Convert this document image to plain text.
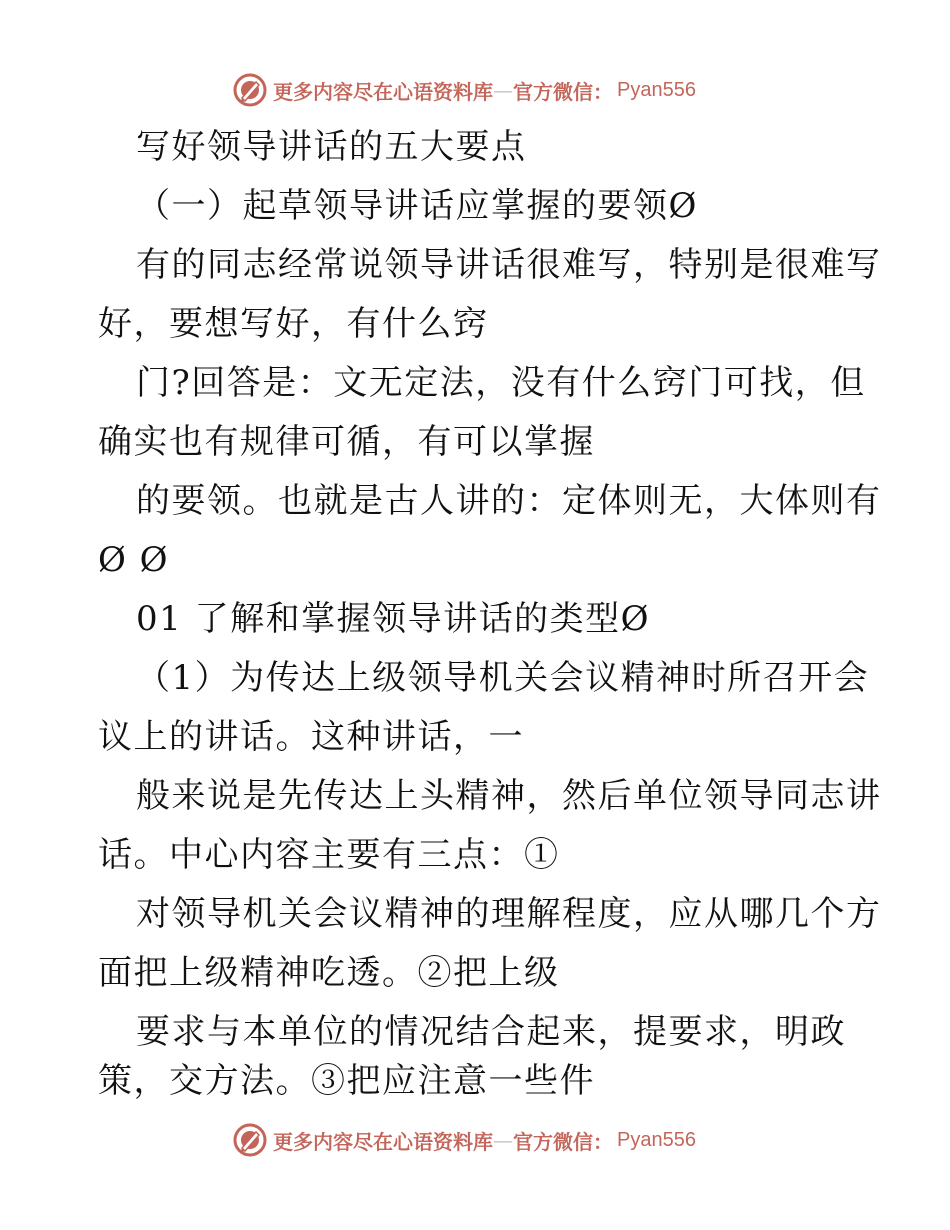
更多内容尽在心语资料库 — 官方微信： Pyan556
写好领导讲话的五大要点
（一）起草领导讲话应掌握的要领Ø
有的同志经常说领导讲话很难写，特别是很难写
好，要想写好，有什么窍
门?回答是：文无定法，没有什么窍门可找，但
确实也有规律可循，有可以掌握
的要领。也就是古人讲的：定体则无，大体则有
Ø Ø
01 了解和掌握领导讲话的类型Ø
（1）为传达上级领导机关会议精神时所召开会
议上的讲话。这种讲话，一
般来说是先传达上头精神，然后单位领导同志讲
话。中心内容主要有三点：①
对领导机关会议精神的理解程度，应从哪几个方
面把上级精神吃透。②把上级
要求与本单位的情况结合起来，提要求，明政
策，交方法。③把应注意一些件
更多内容尽在心语资料库 — 官方微信： Pyan556
